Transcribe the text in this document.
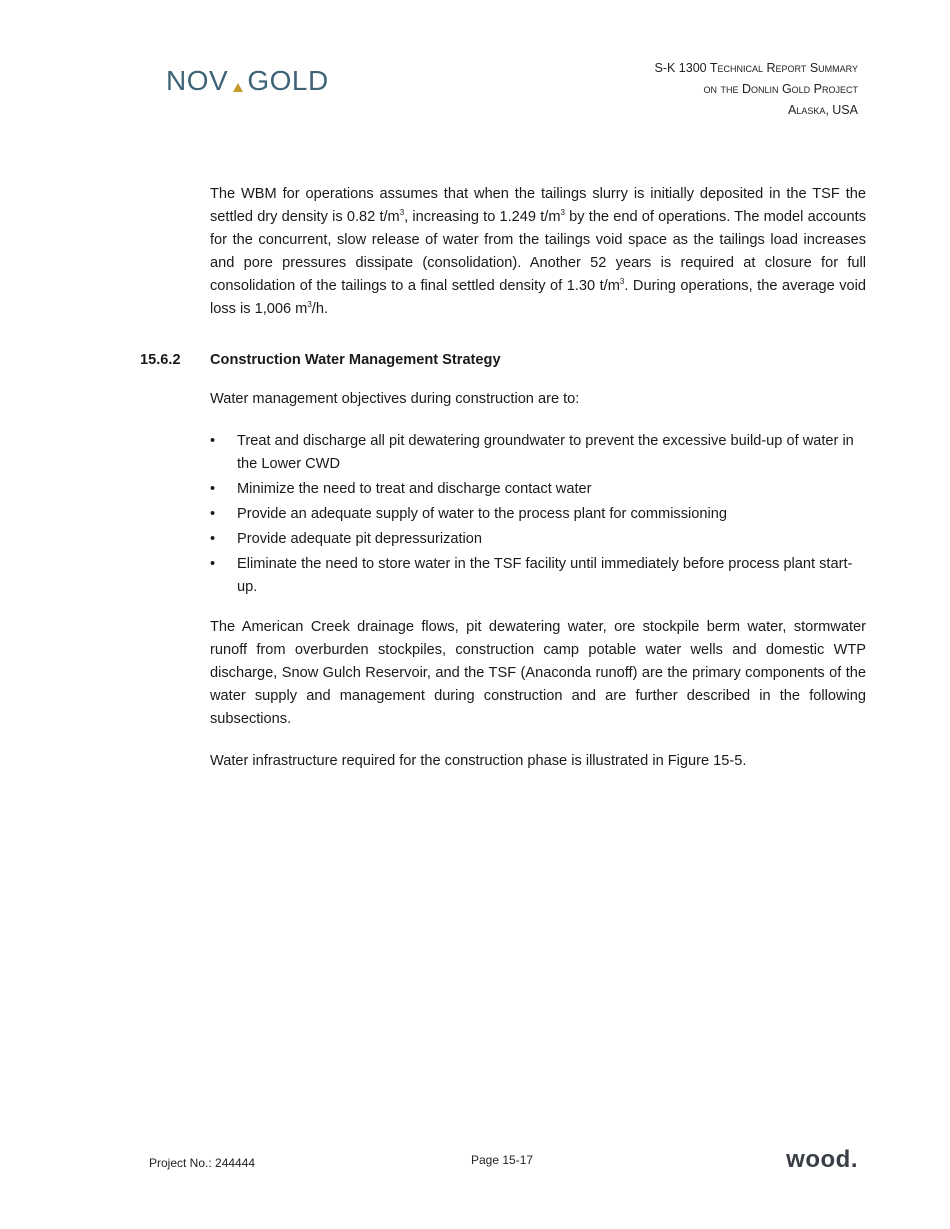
NOV GOLD	S-K 1300 Technical Report Summary
on the Donlin Gold Project
Alaska, USA

The WBM for operations assumes that when the tailings slurry is initially deposited in the TSF the settled dry density is 0.82 $t/m^3$, increasing to 1.249 $t/m^3$ by the end of operations. The model accounts for the concurrent, slow release of water from the tailings void space as the tailings load increases and pore pressures dissipate (consolidation). Another 52 years is required at closure for full consolidation of the tailings to a final settled density of 1.30 $t/m^3$. During operations, the average void loss is 1,006 $m^3/h$.

15.6.2 Construction Water Management Strategy

Water management objectives during construction are to:

• Treat and discharge all pit dewatering groundwater to prevent the excessive build-up of water in the Lower CWD
• Minimize the need to treat and discharge contact water
• Provide an adequate supply of water to the process plant for commissioning
• Provide adequate pit depressurization
• Eliminate the need to store water in the TSF facility until immediately before process plant start-up.

The American Creek drainage flows, pit dewatering water, ore stockpile berm water, stormwater runoff from overburden stockpiles, construction camp potable water wells and domestic WTP discharge, Snow Gulch Reservoir, and the TSF (Anaconda runoff) are the primary components of the water supply and management during construction and are further described in the following subsections.

Water infrastructure required for the construction phase is illustrated in Figure 15-5.

Project No.: 244444	Page 15-17	wood.
